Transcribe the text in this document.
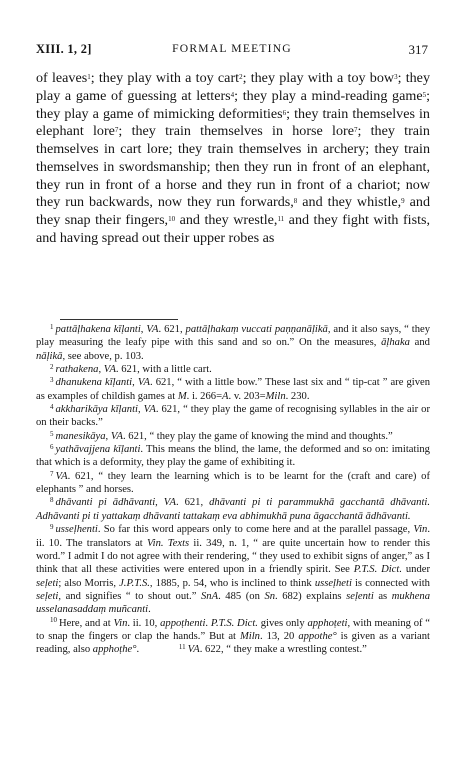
XIII. 1, 2]	FORMAL MEETING	317

of leaves$^1$; they play with a toy cart$^2$; they play with a toy bow$^3$; they play a game of guessing at letters$^4$; they play a mind-reading game$^5$; they play a game of mimicking deformities$^6$; they train themselves in elephant lore$^7$; they train themselves in horse lore$^7$; they train themselves in cart lore; they train themselves in archery; they train themselves in swordsmanship; then they run in front of an elephant, they run in front of a horse and they run in front of a chariot; now they run backwards, now they run forwards,$^8$ and they whistle,$^9$ and they snap their fingers,$^{10}$ and they wrestle,$^{11}$ and they fight with fists, and having spread out their upper robes as

$^1$ pattāļhakena kīḷanti, VA. 621, pattāļhakaṃ vuccati paṇṇanāḷikā, and it also says, “ they play measuring the leafy pipe with this sand and so on.” On the measures, āḷhaka and nāḷikā, see above, p. 103.

$^2$ rathakena, VA. 621, with a little cart.

$^3$ dhanukena kīḷanti, VA. 621, “ with a little bow.” These last six and “ tip-cat ” are given as examples of childish games at M. i. 266=A. v. 203=Miln. 230.

$^4$ akkharikāya kīḷanti, VA. 621, “ they play the game of recognising syllables in the air or on their backs.”

$^5$ manesikāya, VA. 621, “ they play the game of knowing the mind and thoughts.”

$^6$ yathāvajjena kīḷanti. This means the blind, the lame, the deformed and so on: imitating that which is a deformity, they play the game of exhibiting it.

$^7$ VA. 621, “ they learn the learning which is to be learnt for the (craft and care) of elephants ” and horses.

$^8$ dhāvanti pi ādhāvanti, VA. 621, dhāvanti pi ti parammukhā gacchantā dhāvanti. Adhāvanti pi ti yattakaṃ dhāvanti tattakaṃ eva abhimukhā puna āgacchantā ādhāvanti.

$^9$ usseḷhenti. So far this word appears only to come here and at the parallel passage, Vin. ii. 10. The translators at Vin. Texts ii. 349, n. 1, “ are quite uncertain how to render this word.” I admit I do not agree with their rendering, “ they used to exhibit signs of anger,” as I think that all these activities were entered upon in a friendly spirit. See P.T.S. Dict. under seḷeti; also Morris, J.P.T.S., 1885, p. 54, who is inclined to think usseḷheti is connected with seḷeti, and signifies “ to shout out.” SnA. 485 (on Sn. 682) explains seḷenti as mukhena usselanasaddaṃ muñcanti.

$^{10}$ Here, and at Vin. ii. 10, appoṭhenti. P.T.S. Dict. gives only apphoṭeti, with meaning of “ to snap the fingers or clap the hands.” But at Miln. 13, 20 appothe° is given as a variant reading, also apphoṭhe°.	$^{11}$ VA. 622, “ they make a wrestling contest.”
